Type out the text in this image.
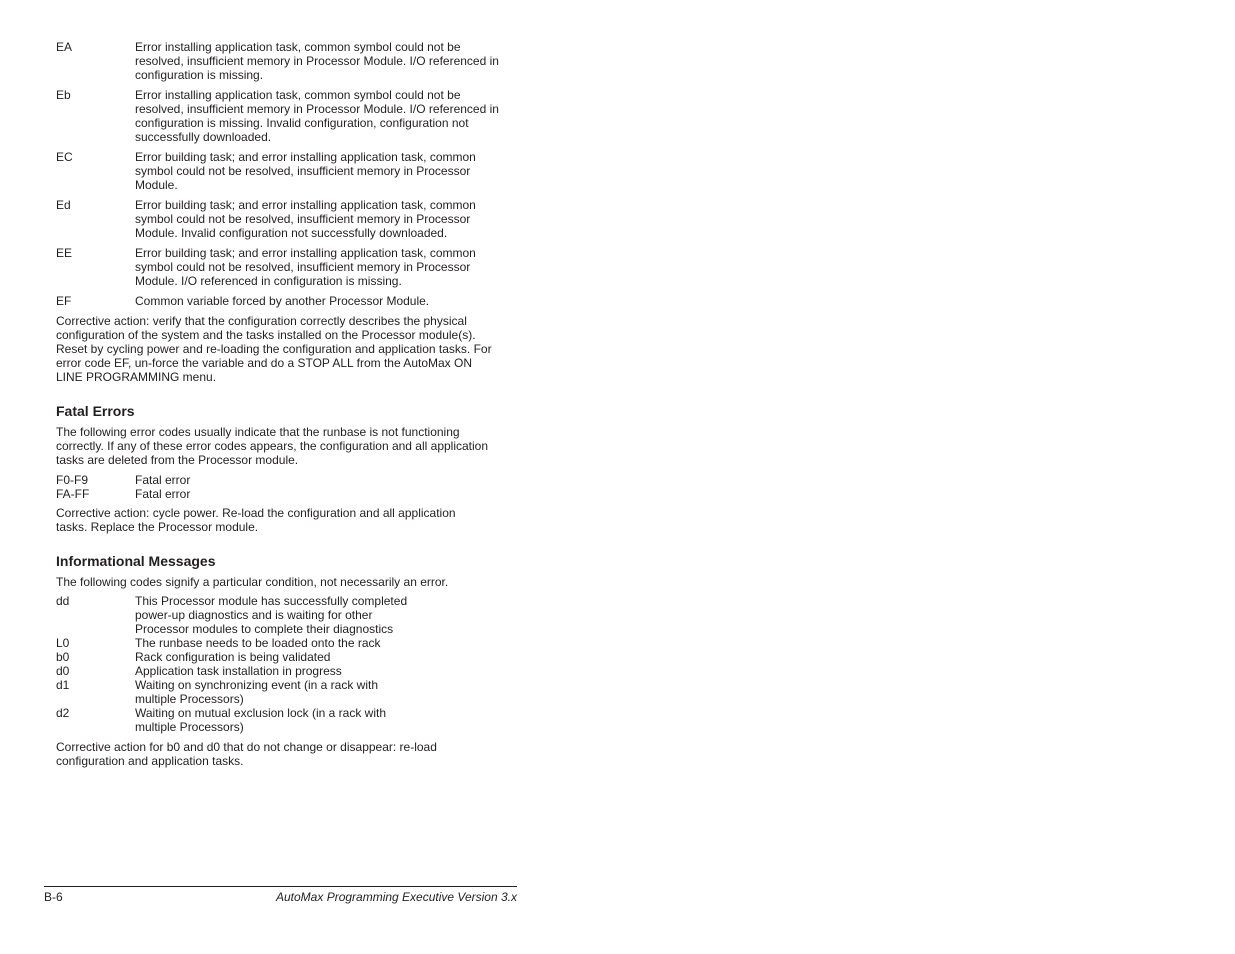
EA	Error installing application task, common symbol could not be resolved, insufficient memory in Processor Module. I/O referenced in configuration is missing.
Eb	Error installing application task, common symbol could not be resolved, insufficient memory in Processor Module. I/O referenced in configuration is missing. Invalid configuration, configuration not successfully downloaded.
EC	Error building task; and error installing application task, common symbol could not be resolved, insufficient memory in Processor Module.
Ed	Error building task; and error installing application task, common symbol could not be resolved, insufficient memory in Processor Module. Invalid configuration not successfully downloaded.
EE	Error building task; and error installing application task, common symbol could not be resolved, insufficient memory in Processor Module. I/O referenced in configuration is missing.
EF	Common variable forced by another Processor Module.

Corrective action: verify that the configuration correctly describes the physical configuration of the system and the tasks installed on the Processor module(s). Reset by cycling power and re-loading the configuration and application tasks. For error code EF, un-force the variable and do a STOP ALL from the AutoMax ON LINE PROGRAMMING menu.

Fatal Errors

The following error codes usually indicate that the runbase is not functioning correctly. If any of these error codes appears, the configuration and all application tasks are deleted from the Processor module.

F0-F9	Fatal error
FA-FF	Fatal error

Corrective action: cycle power. Re-load the configuration and all application tasks. Replace the Processor module.

Informational Messages

The following codes signify a particular condition, not necessarily an error.

dd	This Processor module has successfully completed power-up diagnostics and is waiting for other Processor modules to complete their diagnostics
L0	The runbase needs to be loaded onto the rack
b0	Rack configuration is being validated
d0	Application task installation in progress
d1	Waiting on synchronizing event (in a rack with multiple Processors)
d2	Waiting on mutual exclusion lock (in a rack with multiple Processors)

Corrective action for b0 and d0 that do not change or disappear: re-load configuration and application tasks.

B-6	AutoMax Programming Executive Version 3.x
